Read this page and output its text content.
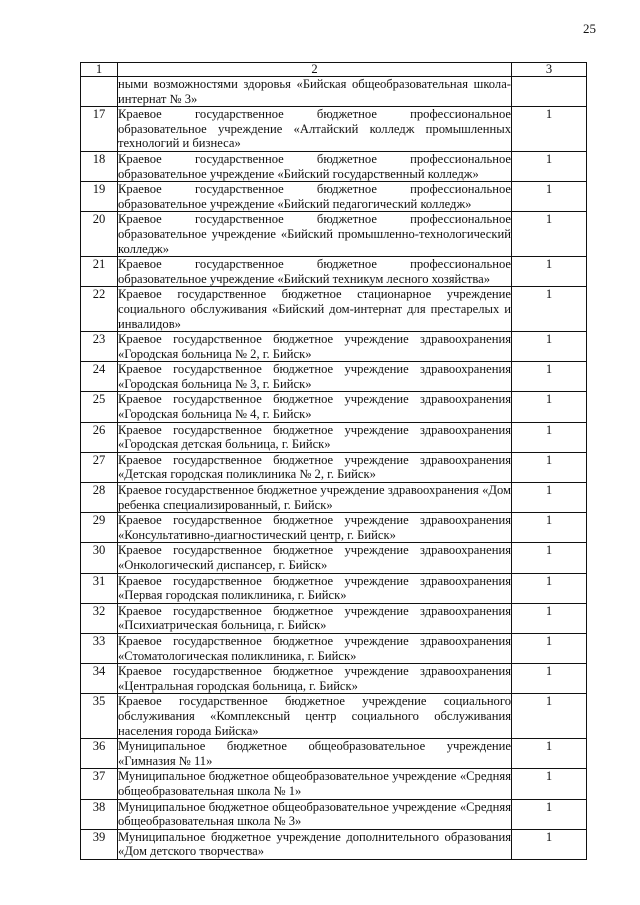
25
1	2	3
	ными возможностями здоровья «Бийская общеобразовательная школа-интернат № 3»	
17	Краевое государственное бюджетное профессиональное образовательное учреждение «Алтайский колледж промышленных технологий и бизнеса»	1
18	Краевое государственное бюджетное профессиональное образовательное учреждение «Бийский государственный колледж»	1
19	Краевое государственное бюджетное профессиональное образовательное учреждение «Бийский педагогический колледж»	1
20	Краевое государственное бюджетное профессиональное образовательное учреждение «Бийский промышленно-технологический колледж»	1
21	Краевое государственное бюджетное профессиональное образовательное учреждение «Бийский техникум лесного хозяйства»	1
22	Краевое государственное бюджетное стационарное учреждение социального обслуживания «Бийский дом-интернат для престарелых и инвалидов»	1
23	Краевое государственное бюджетное учреждение здравоохранения «Городская больница № 2, г. Бийск»	1
24	Краевое государственное бюджетное учреждение здравоохранения «Городская больница № 3, г. Бийск»	1
25	Краевое государственное бюджетное учреждение здравоохранения «Городская больница № 4, г. Бийск»	1
26	Краевое государственное бюджетное учреждение здравоохранения «Городская детская больница, г. Бийск»	1
27	Краевое государственное бюджетное учреждение здравоохранения «Детская городская поликлиника № 2, г. Бийск»	1
28	Краевое государственное бюджетное учреждение здравоохранения «Дом ребенка специализированный, г. Бийск»	1
29	Краевое государственное бюджетное учреждение здравоохранения «Консультативно-диагностический центр, г. Бийск»	1
30	Краевое государственное бюджетное учреждение здравоохранения «Онкологический диспансер, г. Бийск»	1
31	Краевое государственное бюджетное учреждение здравоохранения «Первая городская поликлиника, г. Бийск»	1
32	Краевое государственное бюджетное учреждение здравоохранения «Психиатрическая больница, г. Бийск»	1
33	Краевое государственное бюджетное учреждение здравоохранения «Стоматологическая поликлиника, г. Бийск»	1
34	Краевое государственное бюджетное учреждение здравоохранения «Центральная городская больница, г. Бийск»	1
35	Краевое государственное бюджетное учреждение социального обслуживания «Комплексный центр социального обслуживания населения города Бийска»	1
36	Муниципальное бюджетное общеобразовательное учреждение «Гимназия № 11»	1
37	Муниципальное бюджетное общеобразовательное учреждение «Средняя общеобразовательная школа № 1»	1
38	Муниципальное бюджетное общеобразовательное учреждение «Средняя общеобразовательная школа № 3»	1
39	Муниципальное бюджетное учреждение дополнительного образования «Дом детского творчества»	1
